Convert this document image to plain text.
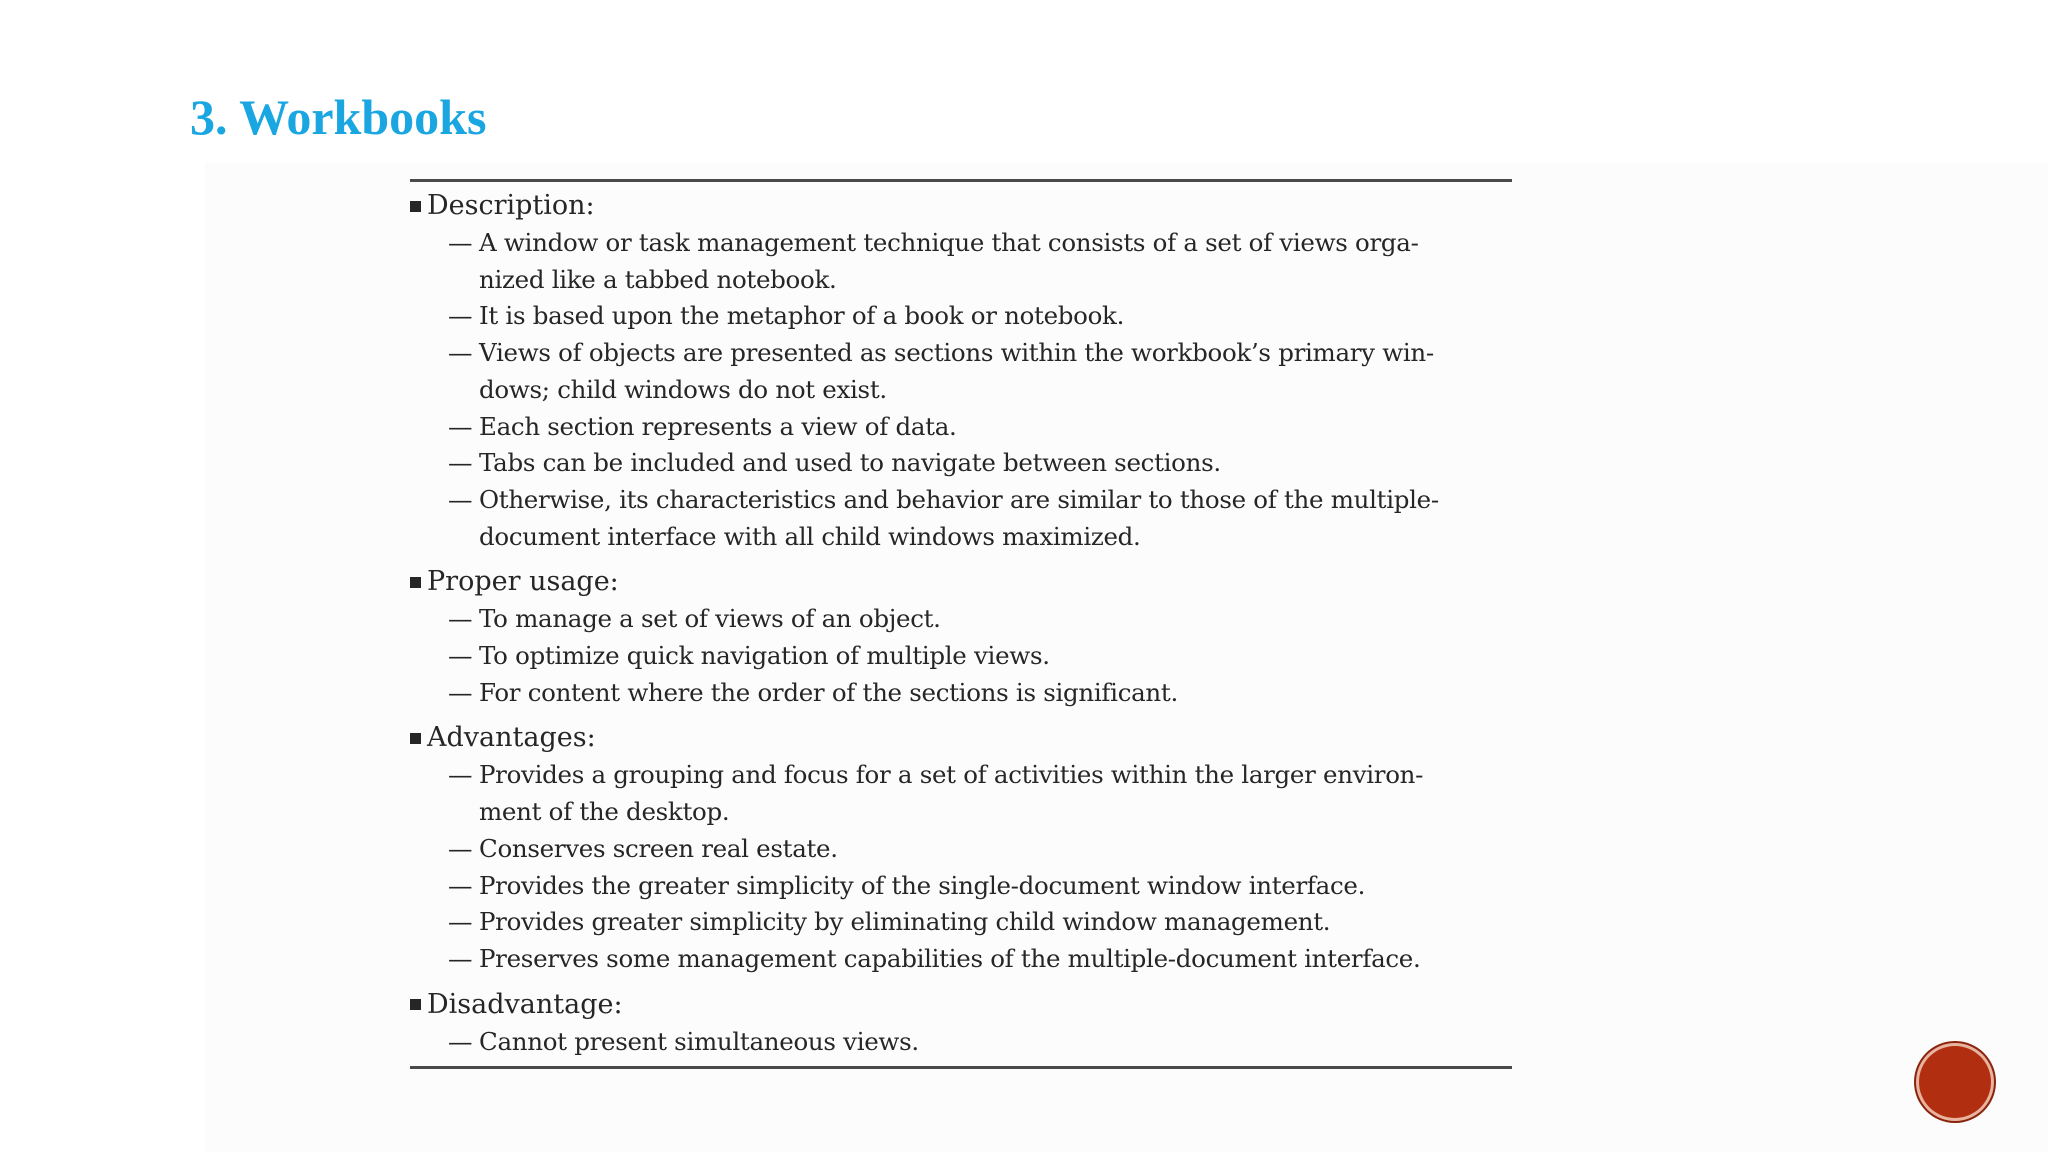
3. Workbooks
Description:
— A window or task management technique that consists of a set of views orga-
nized like a tabbed notebook.
— It is based upon the metaphor of a book or notebook.
— Views of objects are presented as sections within the workbook’s primary win-
dows; child windows do not exist.
— Each section represents a view of data.
— Tabs can be included and used to navigate between sections.
— Otherwise, its characteristics and behavior are similar to those of the multiple-
document interface with all child windows maximized.
Proper usage:
— To manage a set of views of an object.
— To optimize quick navigation of multiple views.
— For content where the order of the sections is significant.
Advantages:
— Provides a grouping and focus for a set of activities within the larger environ-
ment of the desktop.
— Conserves screen real estate.
— Provides the greater simplicity of the single-document window interface.
— Provides greater simplicity by eliminating child window management.
— Preserves some management capabilities of the multiple-document interface.
Disadvantage:
— Cannot present simultaneous views.
